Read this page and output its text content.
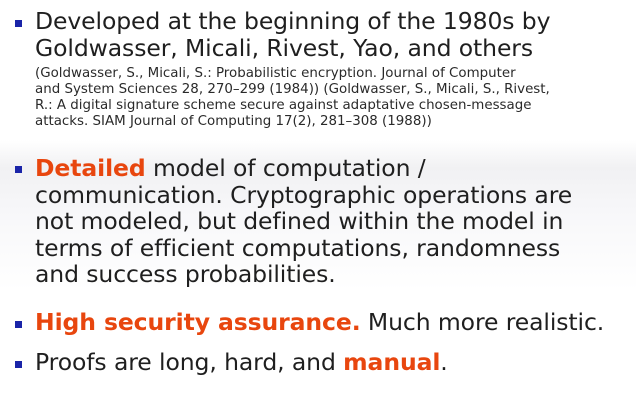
Developed at the beginning of the 1980s by
Goldwasser, Micali, Rivest, Yao, and others
(Goldwasser, S., Micali, S.: Probabilistic encryption. Journal of Computer
and System Sciences 28, 270–299 (1984)) (Goldwasser, S., Micali, S., Rivest,
R.: A digital signature scheme secure against adaptative chosen-message
attacks. SIAM Journal of Computing 17(2), 281–308 (1988))
Detailed model of computation /
communication. Cryptographic operations are
not modeled, but defined within the model in
terms of efficient computations, randomness
and success probabilities.
High security assurance. Much more realistic.
Proofs are long, hard, and manual.
